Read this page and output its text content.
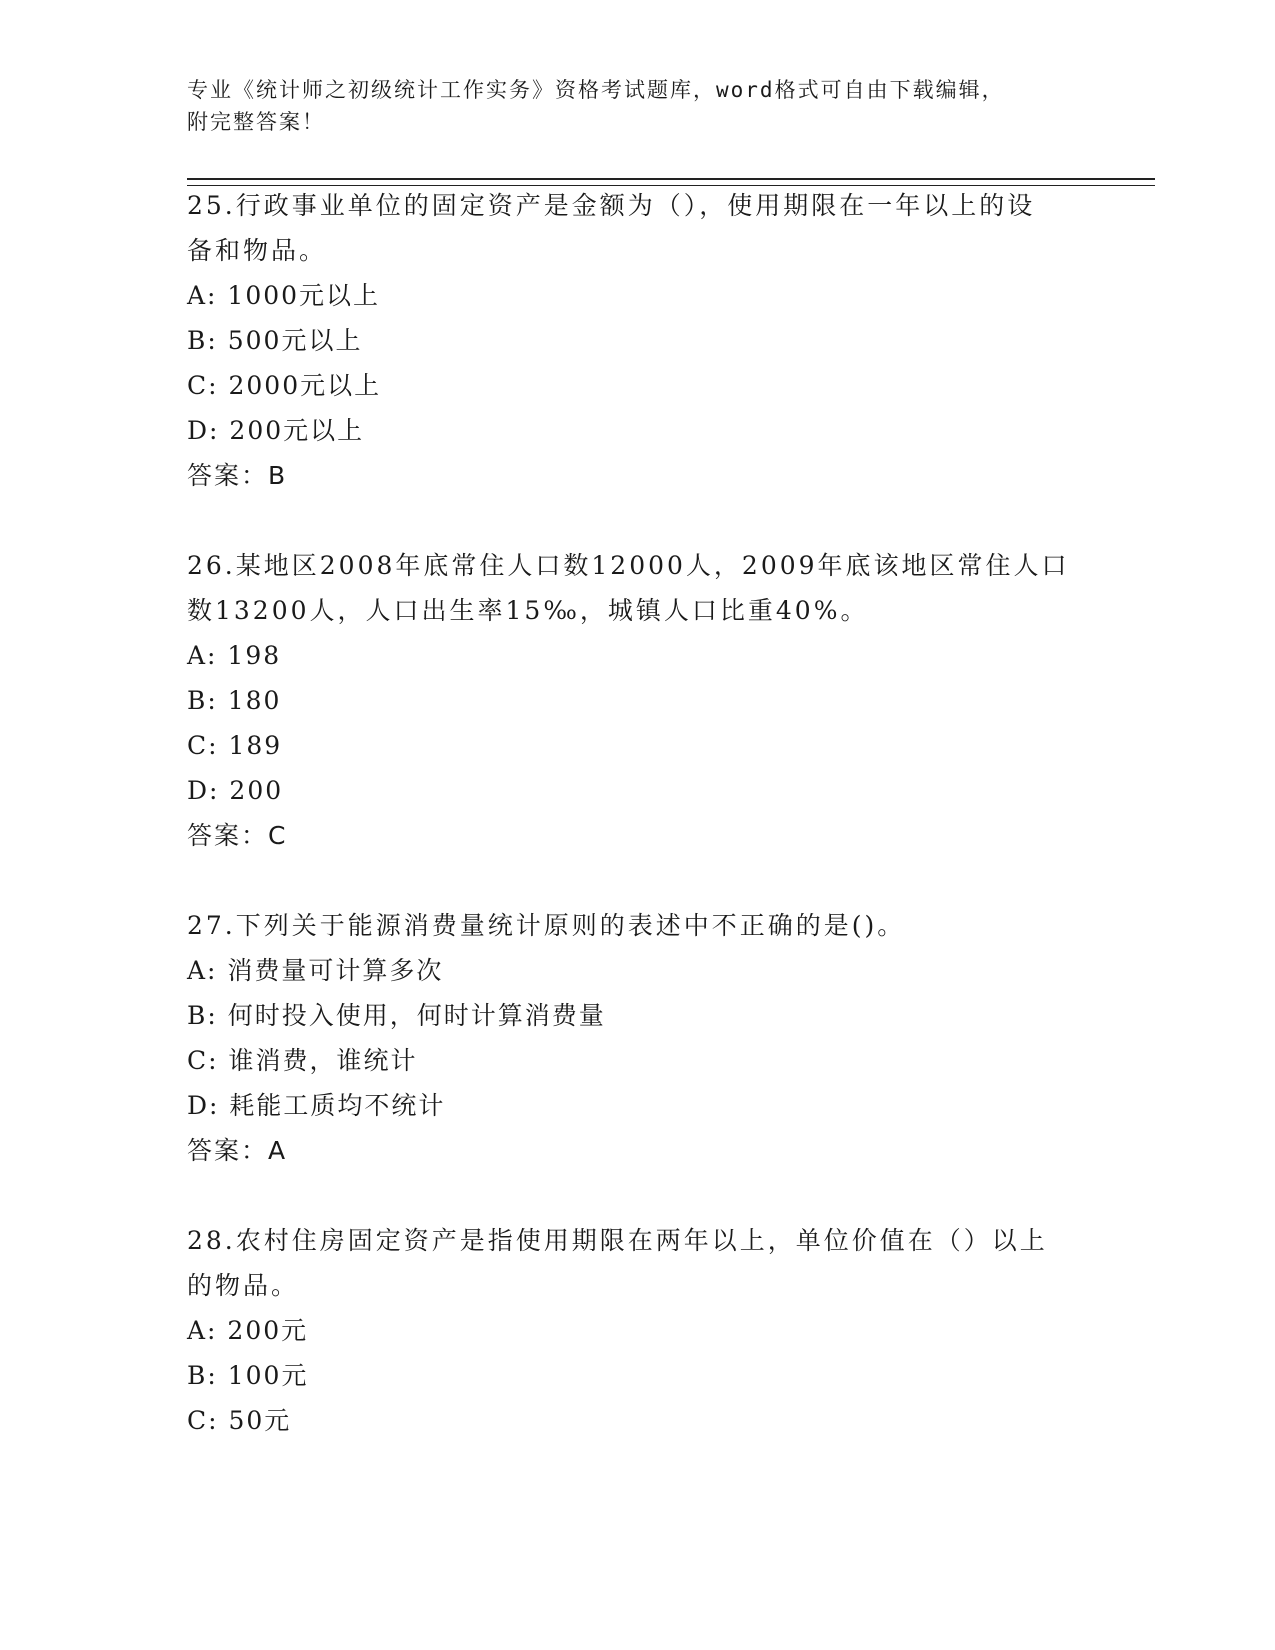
专业《统计师之初级统计工作实务》资格考试题库，word格式可自由下载编辑，
附完整答案！
25.行政事业单位的固定资产是金额为（），使用期限在一年以上的设
备和物品。
A: 1000元以上
B: 500元以上
C: 2000元以上
D: 200元以上
答案：B
26.某地区2008年底常住人口数12000人，2009年底该地区常住人口
数13200人，人口出生率15‰，城镇人口比重40%。
A: 198
B: 180
C: 189
D: 200
答案：C
27.下列关于能源消费量统计原则的表述中不正确的是()。
A: 消费量可计算多次
B: 何时投入使用，何时计算消费量
C: 谁消费，谁统计
D: 耗能工质均不统计
答案：A
28.农村住房固定资产是指使用期限在两年以上，单位价值在（）以上
的物品。
A: 200元
B: 100元
C: 50元
